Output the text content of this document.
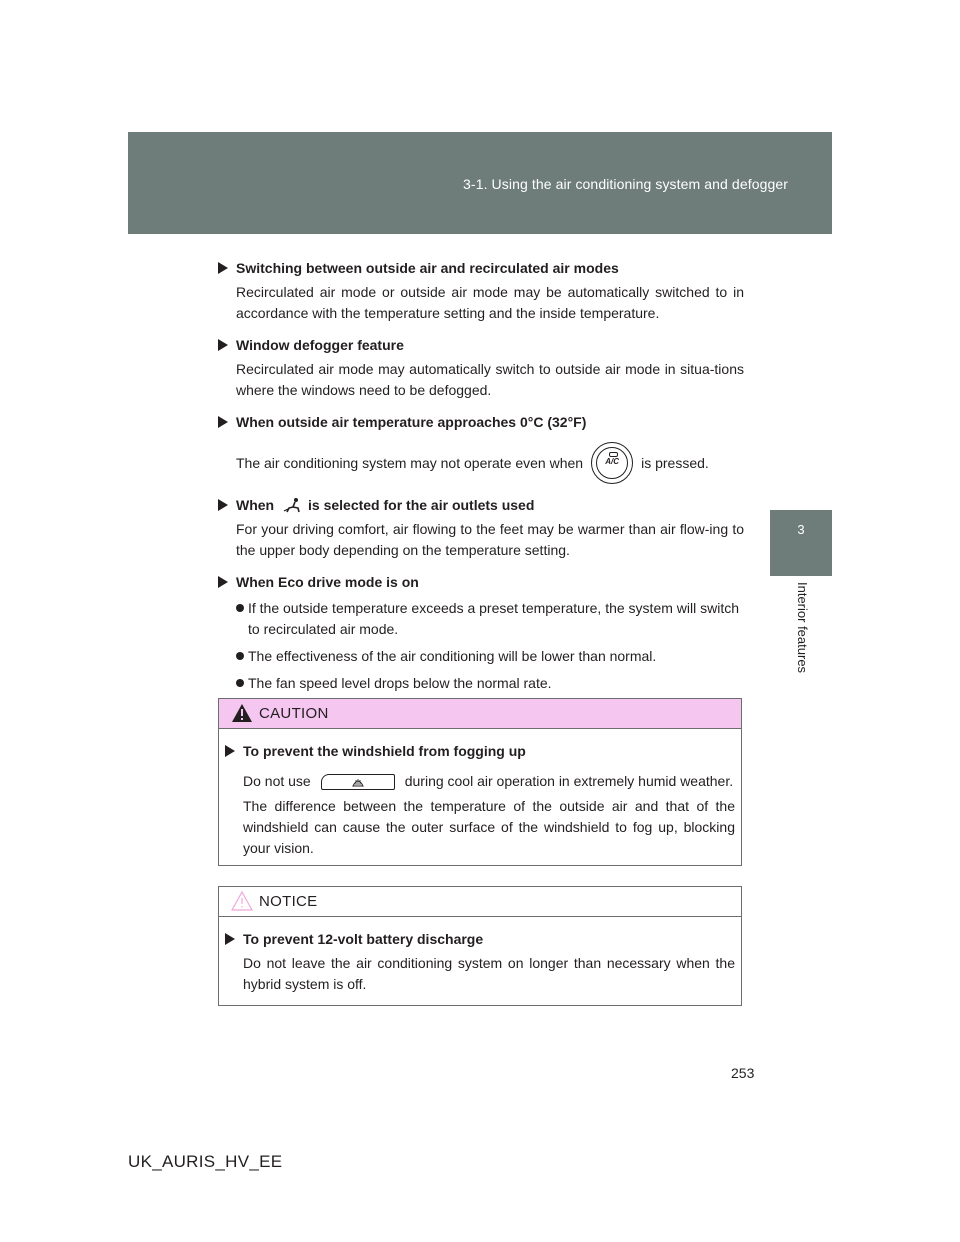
3-1. Using the air conditioning system and defogger
3
Interior features

Switching between outside air and recirculated air modes

Recirculated air mode or outside air mode may be automatically switched to in accordance with the temperature setting and the inside temperature.

Window defogger feature

Recirculated air mode may automatically switch to outside air mode in situa-tions where the windows need to be defogged.

When outside air temperature approaches 0°C (32°F)

The air conditioning system may not operate even when	A/C	is pressed.

When is selected for the air outlets used

For your driving comfort, air flowing to the feet may be warmer than air flow-ing to the upper body depending on the temperature setting.

When Eco drive mode is on

If the outside temperature exceeds a preset temperature, the system will switch to recirculated air mode.
The effectiveness of the air conditioning will be lower than normal.
The fan speed level drops below the normal rate.
CAUTION

To prevent the windshield from fogging up

Do not use	during cool air operation in extremely humid weather.

The difference between the temperature of the outside air and that of the windshield can cause the outer surface of the windshield to fog up, blocking your vision.

NOTICE

To prevent 12-volt battery discharge

Do not leave the air conditioning system on longer than necessary when the hybrid system is off.

253
UK_AURIS_HV_EE
